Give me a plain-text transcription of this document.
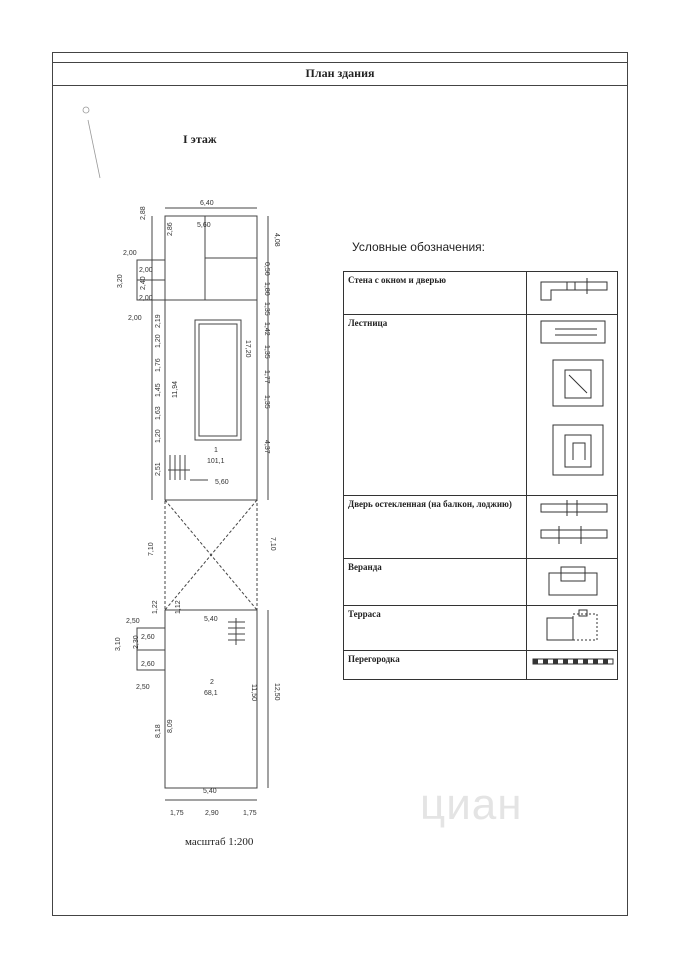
План здания
I этаж
6,40
5,60
4,08
2,88
2,86
2,00
2,00
2,00
2,00
3,20 2,40
0,50
1,80
1,35
1,42
1,35
1,77
1,35
4,37
2,19
1,20
1,76
1,45
1,63
1,20
2,51
17,20
11,94
1
101,1
5,60
7,10	7,10
1,22 1,12
5,40
2,50
2,60
2,60
3,10 2,30
2,50
2
68,1	11,50 12,50
8,18 8,09
5,40
1,75	2,90	1,75
Условные обозначения:
Стена с окном и дверью	
Лестница	
Дверь остекленная (на балкон, лоджию)	
Веранда	
Терраса	
Перегородка	
циан
масштаб 1:200
